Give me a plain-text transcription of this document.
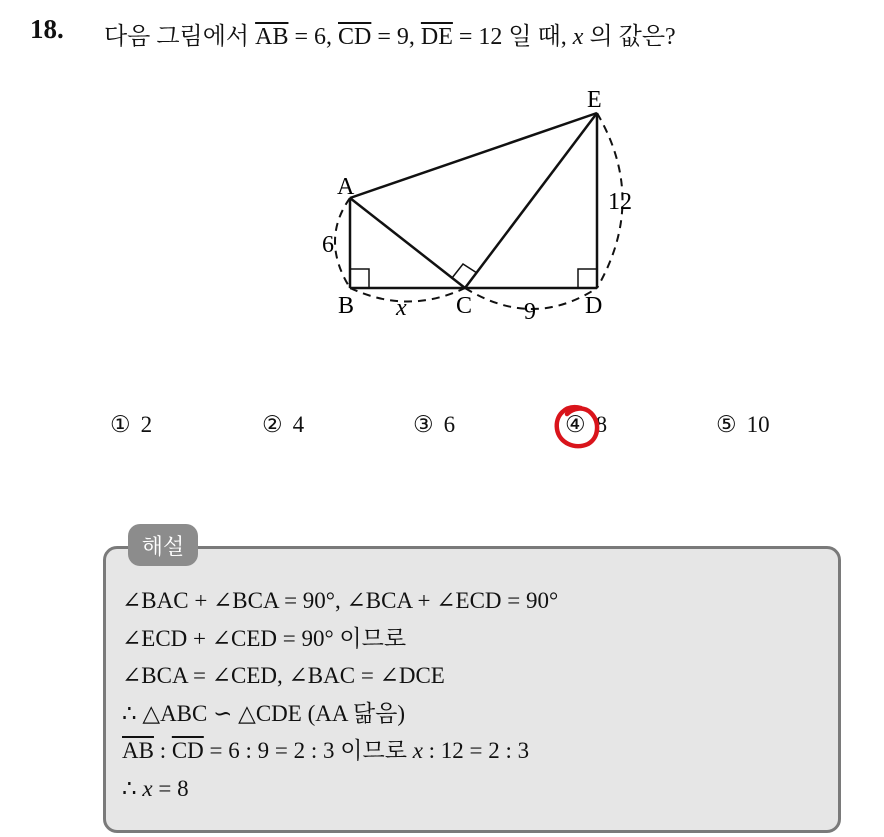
18. 다음 그림에서 $\overline{AB} = 6$, $\overline{CD} = 9$, $\overline{DE} = 12$ 일 때, x 의 값은?
A
B	C	D
E
6
x	9
12
① 2	② 4	③ 6	④ 8	⑤ 10
해설
∠BAC + ∠BCA = 90°, ∠BCA + ∠ECD = 90°
∠ECD + ∠CED = 90° 이므로
∠BCA = ∠CED, ∠BAC = ∠DCE
∴ △ABC ∽ △CDE (AA 닮음)
$\overline{AB}$ : $\overline{CD} = 6$ : 9 = 2 : 3 이므로 x : 12 = 2 : 3
∴ x = 8
